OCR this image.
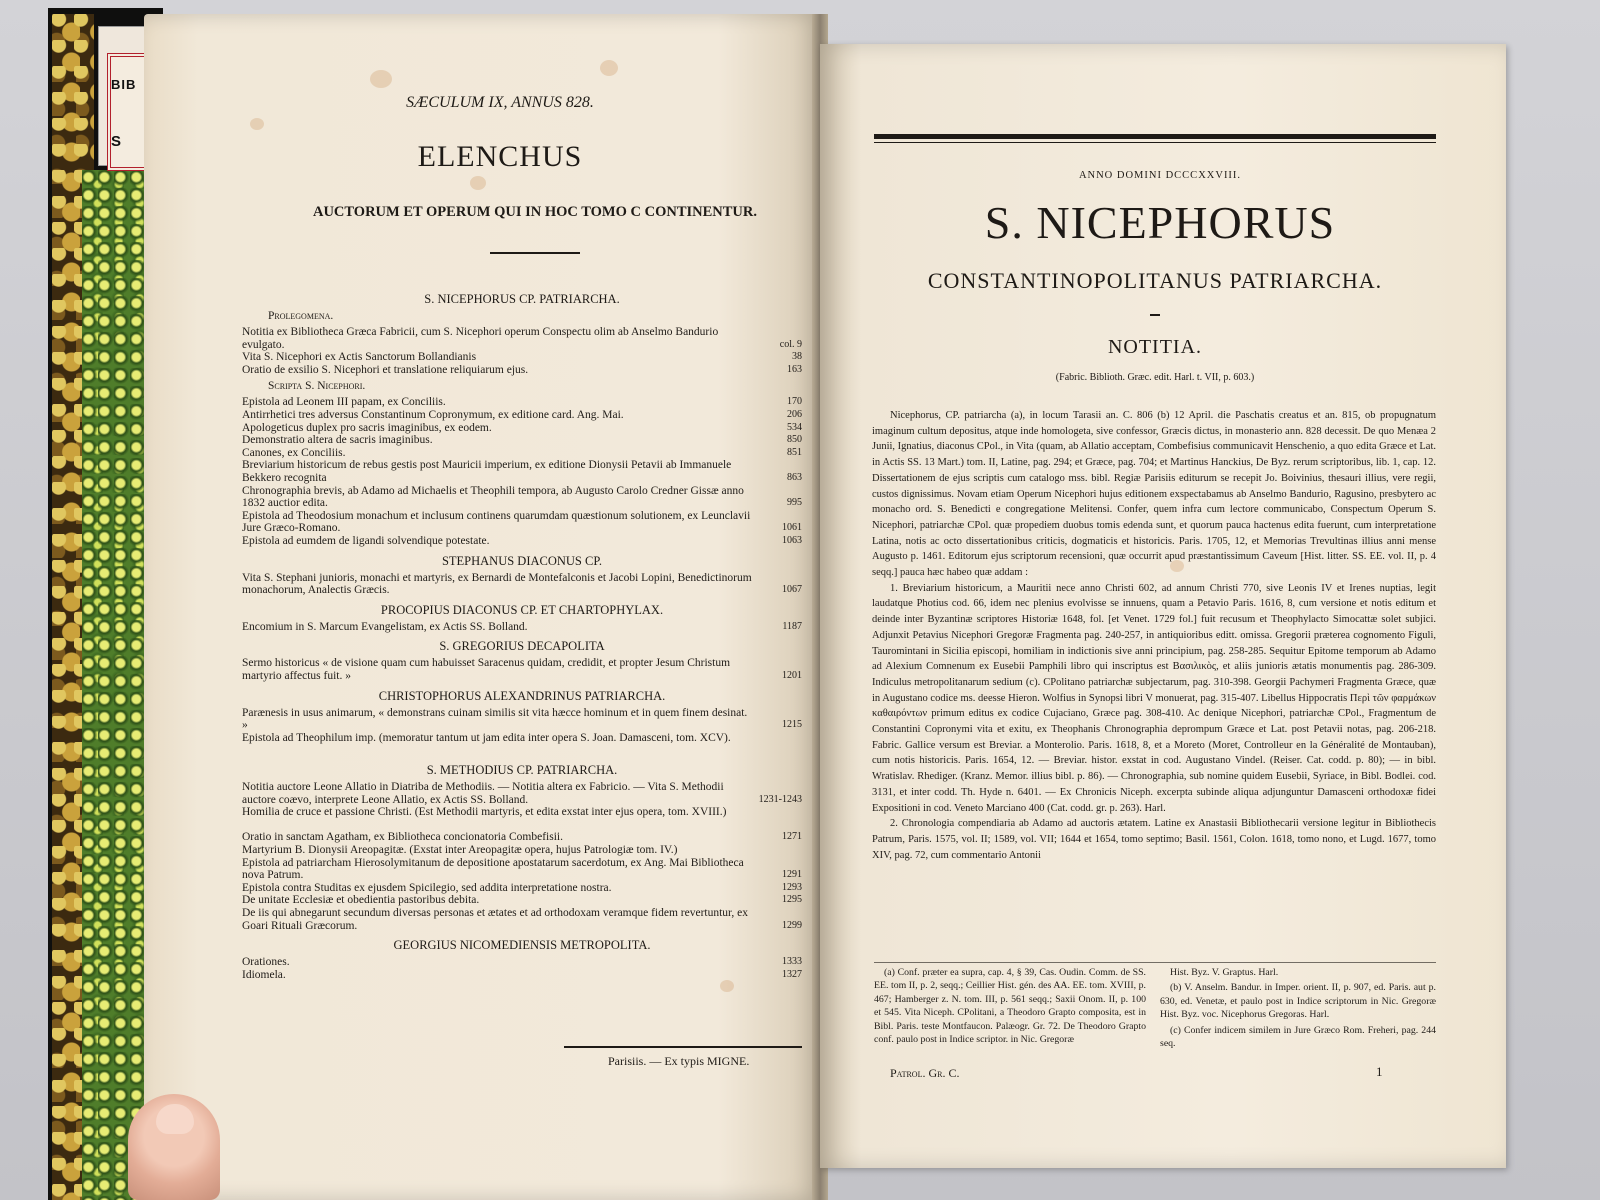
BIB
S
SÆCULUM IX, ANNUS 828.
ELENCHUS
AUCTORUM ET OPERUM QUI IN HOC TOMO C CONTINENTUR.
S. NICEPHORUS CP. PATRIARCHA.
Prolegomena.
Notitia ex Bibliotheca Græca Fabricii, cum S. Nicephori operum Conspectu olim ab Anselmo Bandurio evulgato.	col. 9
Vita S. Nicephori ex Actis Sanctorum Bollandianis	38
Oratio de exsilio S. Nicephori et translatione reliquiarum ejus.	163
Scripta S. Nicephori.
Epistola ad Leonem III papam, ex Conciliis.	170
Antirrhetici tres adversus Constantinum Copronymum, ex editione card. Ang. Mai.	206
Apologeticus duplex pro sacris imaginibus, ex eodem.	534
Demonstratio altera de sacris imaginibus.	850
Canones, ex Conciliis.	851
Breviarium historicum de rebus gestis post Mauricii imperium, ex editione Dionysii Petavii ab Immanuele Bekkero recognita	863
Chronographia brevis, ab Adamo ad Michaelis et Theophili tempora, ab Augusto Carolo Credner Gissæ anno 1832 auctior edita.	995
Epistola ad Theodosium monachum et inclusum continens quarumdam quæstionum solutionem, ex Leunclavii Jure Græco-Romano.	1061
Epistola ad eumdem de ligandi solvendique potestate.	1063
STEPHANUS DIACONUS CP.
Vita S. Stephani junioris, monachi et martyris, ex Bernardi de Montefalconis et Jacobi Lopini, Benedictinorum monachorum, Analectis Græcis.	1067
PROCOPIUS DIACONUS CP. ET CHARTOPHYLAX.
Encomium in S. Marcum Evangelistam, ex Actis SS. Bolland.	1187
S. GREGORIUS DECAPOLITA
Sermo historicus « de visione quam cum habuisset Saracenus quidam, credidit, et propter Jesum Christum martyrio affectus fuit. »	1201
CHRISTOPHORUS ALEXANDRINUS PATRIARCHA.
Parænesis in usus animarum, « demonstrans cuinam similis sit vita hæcce hominum et in quem finem desinat. »	1215
Epistola ad Theophilum imp. (memoratur tantum ut jam edita inter opera S. Joan. Damasceni, tom. XCV).
S. METHODIUS CP. PATRIARCHA.
Notitia auctore Leone Allatio in Diatriba de Methodiis. — Notitia altera ex Fabricio. — Vita S. Methodii auctore coævo, interprete Leone Allatio, ex Actis SS. Bolland.	1231-1243
Homilia de cruce et passione Christi. (Est Methodii martyris, et edita exstat inter ejus opera, tom. XVIII.)
Oratio in sanctam Agatham, ex Bibliotheca concionatoria Combefisii.	1271
Martyrium B. Dionysii Areopagitæ. (Exstat inter Areopagitæ opera, hujus Patrologiæ tom. IV.)
Epistola ad patriarcham Hierosolymitanum de depositione apostatarum sacerdotum, ex Ang. Mai Bibliotheca nova Patrum.	1291
Epistola contra Studitas ex ejusdem Spicilegio, sed addita interpretatione nostra.	1293
De unitate Ecclesiæ et obedientia pastoribus debita.	1295
De iis qui abnegarunt secundum diversas personas et ætates et ad orthodoxam veramque fidem revertuntur, ex Goari Rituali Græcorum.	1299
GEORGIUS NICOMEDIENSIS METROPOLITA.
Orationes.	1333
Idiomela.	1327
Parisiis. — Ex typis MIGNE.
ANNO DOMINI DCCCXXVIII.
S. NICEPHORUS
CONSTANTINOPOLITANUS PATRIARCHA.
NOTITIA.
(Fabric. Biblioth. Græc. edit. Harl. t. VII, p. 603.)

Nicephorus, CP. patriarcha (a), in locum Tarasii an. C. 806 (b) 12 April. die Paschatis creatus et an. 815, ob propugnatum imaginum cultum depositus, atque inde homologeta, sive confessor, Græcis dictus, in monasterio ann. 828 decessit. De quo Menæa 2 Junii, Ignatius, diaconus CPol., in Vita (quam, ab Allatio acceptam, Combefisius communicavit Henschenio, a quo edita Græce et Lat. in Actis SS. 13 Mart.) tom. II, Latine, pag. 294; et Græce, pag. 704; et Martinus Hanckius, De Byz. rerum scriptoribus, lib. 1, cap. 12. Dissertationem de ejus scriptis cum catalogo mss. bibl. Regiæ Parisiis editurum se recepit Jo. Boivinius, thesauri illius, vere regii, custos dignissimus. Novam etiam Operum Nicephori hujus editionem exspectabamus ab Anselmo Bandurio, Ragusino, presbytero ac monacho ord. S. Benedicti e congregatione Melitensi. Confer, quem infra cum lectore communicabo, Conspectum Operum S. Nicephori, patriarchæ CPol. quæ propediem duobus tomis edenda sunt, et quorum pauca hactenus edita fuerunt, cum interpretatione Latina, notis ac octo dissertationibus criticis, dogmaticis et historicis. Paris. 1705, 12, et Memorias Trevultinas illius anni mense Augusto p. 1461. Editorum ejus scriptorum recensioni, quæ occurrit apud præstantissimum Caveum [Hist. litter. SS. EE. vol. II, p. 4 seqq.] pauca hæc habeo quæ addam :

1. Breviarium historicum, a Mauritii nece anno Christi 602, ad annum Christi 770, sive Leonis IV et Irenes nuptias, legit laudatque Photius cod. 66, idem nec plenius evolvisse se innuens, quam a Petavio Paris. 1616, 8, cum versione et notis editum et deinde inter Byzantinæ scriptores Historiæ 1648, fol. [et Venet. 1729 fol.] fuit recusum et Theophylacto Simocattæ solet subjici. Adjunxit Petavius Nicephori Gregoræ Fragmenta pag. 240-257, in antiquioribus editt. omissa. Gregorii præterea cognomento Figuli, Tauromintani in Sicilia episcopi, homiliam in indictionis sive anni principium, pag. 258-285. Sequitur Epitome temporum ab Adamo ad Alexium Comnenum ex Eusebii Pamphili libro qui inscriptus est Βασιλικὸς, et aliis junioris ætatis monumentis pag. 286-309. Indiculus metropolitanarum sedium (c). CPolitano patriarchæ subjectarum, pag. 310-398. Georgii Pachymeri Fragmenta Græce, quæ in Augustano codice ms. deesse Hieron. Wolfius in Synopsi libri V monuerat, pag. 315-407. Libellus Hippocratis Περὶ τῶν φαρμάκων καθαιρόντων primum editus ex codice Cujaciano, Græce pag. 308-410. Ac denique Nicephori, patriarchæ CPol., Fragmentum de Constantini Copronymi vita et exitu, ex Theophanis Chronographia deprompum Græce et Lat. post Petavii notas, pag. 206-218. Fabric. Gallice versum est Breviar. a Monterolio. Paris. 1618, 8, et a Moreto (Moret, Controlleur en la Généralité de Montauban), cum notis historicis. Paris. 1654, 12. — Breviar. histor. exstat in cod. Augustano Vindel. (Reiser. Cat. codd. p. 80); — in bibl. Wratislav. Rhediger. (Kranz. Memor. illius bibl. p. 86). — Chronographia, sub nomine quidem Eusebii, Syriace, in Bibl. Bodlei. cod. 3131, et inter codd. Th. Hyde n. 6401. — Ex Chronicis Niceph. excerpta subinde aliqua adjunguntur Damasceni orthodoxæ fidei Expositioni in cod. Veneto Marciano 400 (Cat. codd. gr. p. 263). Harl.

2. Chronologia compendiaria ab Adamo ad auctoris ætatem. Latine ex Anastasii Bibliothecarii versione legitur in Bibliothecis Patrum, Paris. 1575, vol. II; 1589, vol. VII; 1644 et 1654, tomo septimo; Basil. 1561, Colon. 1618, tomo nono, et Lugd. 1677, tomo XIV, pag. 72, cum commentario Antonii

(a) Conf. præter ea supra, cap. 4, § 39, Cas. Oudin. Comm. de SS. EE. tom II, p. 2, seqq.; Ceillier Hist. gén. des AA. EE. tom. XVIII, p. 467; Hamberger z. N. tom. III, p. 561 seqq.; Saxii Onom. II, p. 100 et 545. Vita Niceph. CPolitani, a Theodoro Grapto composita, est in Bibl. Paris. teste Montfaucon. Palæogr. Gr. 72. De Theodoro Grapto conf. paulo post in Indice scriptor. in Nic. Gregoræ

Hist. Byz. V. Graptus. Harl.

(b) V. Anselm. Bandur. in Imper. orient. II, p. 907, ed. Paris. aut p. 630, ed. Venetæ, et paulo post in Indice scriptorum in Nic. Gregoræ Hist. Byz. voc. Nicephorus Gregoras. Harl.

(c) Confer indicem similem in Jure Græco Rom. Freheri, pag. 244 seq.

Patrol. Gr. C.	1
